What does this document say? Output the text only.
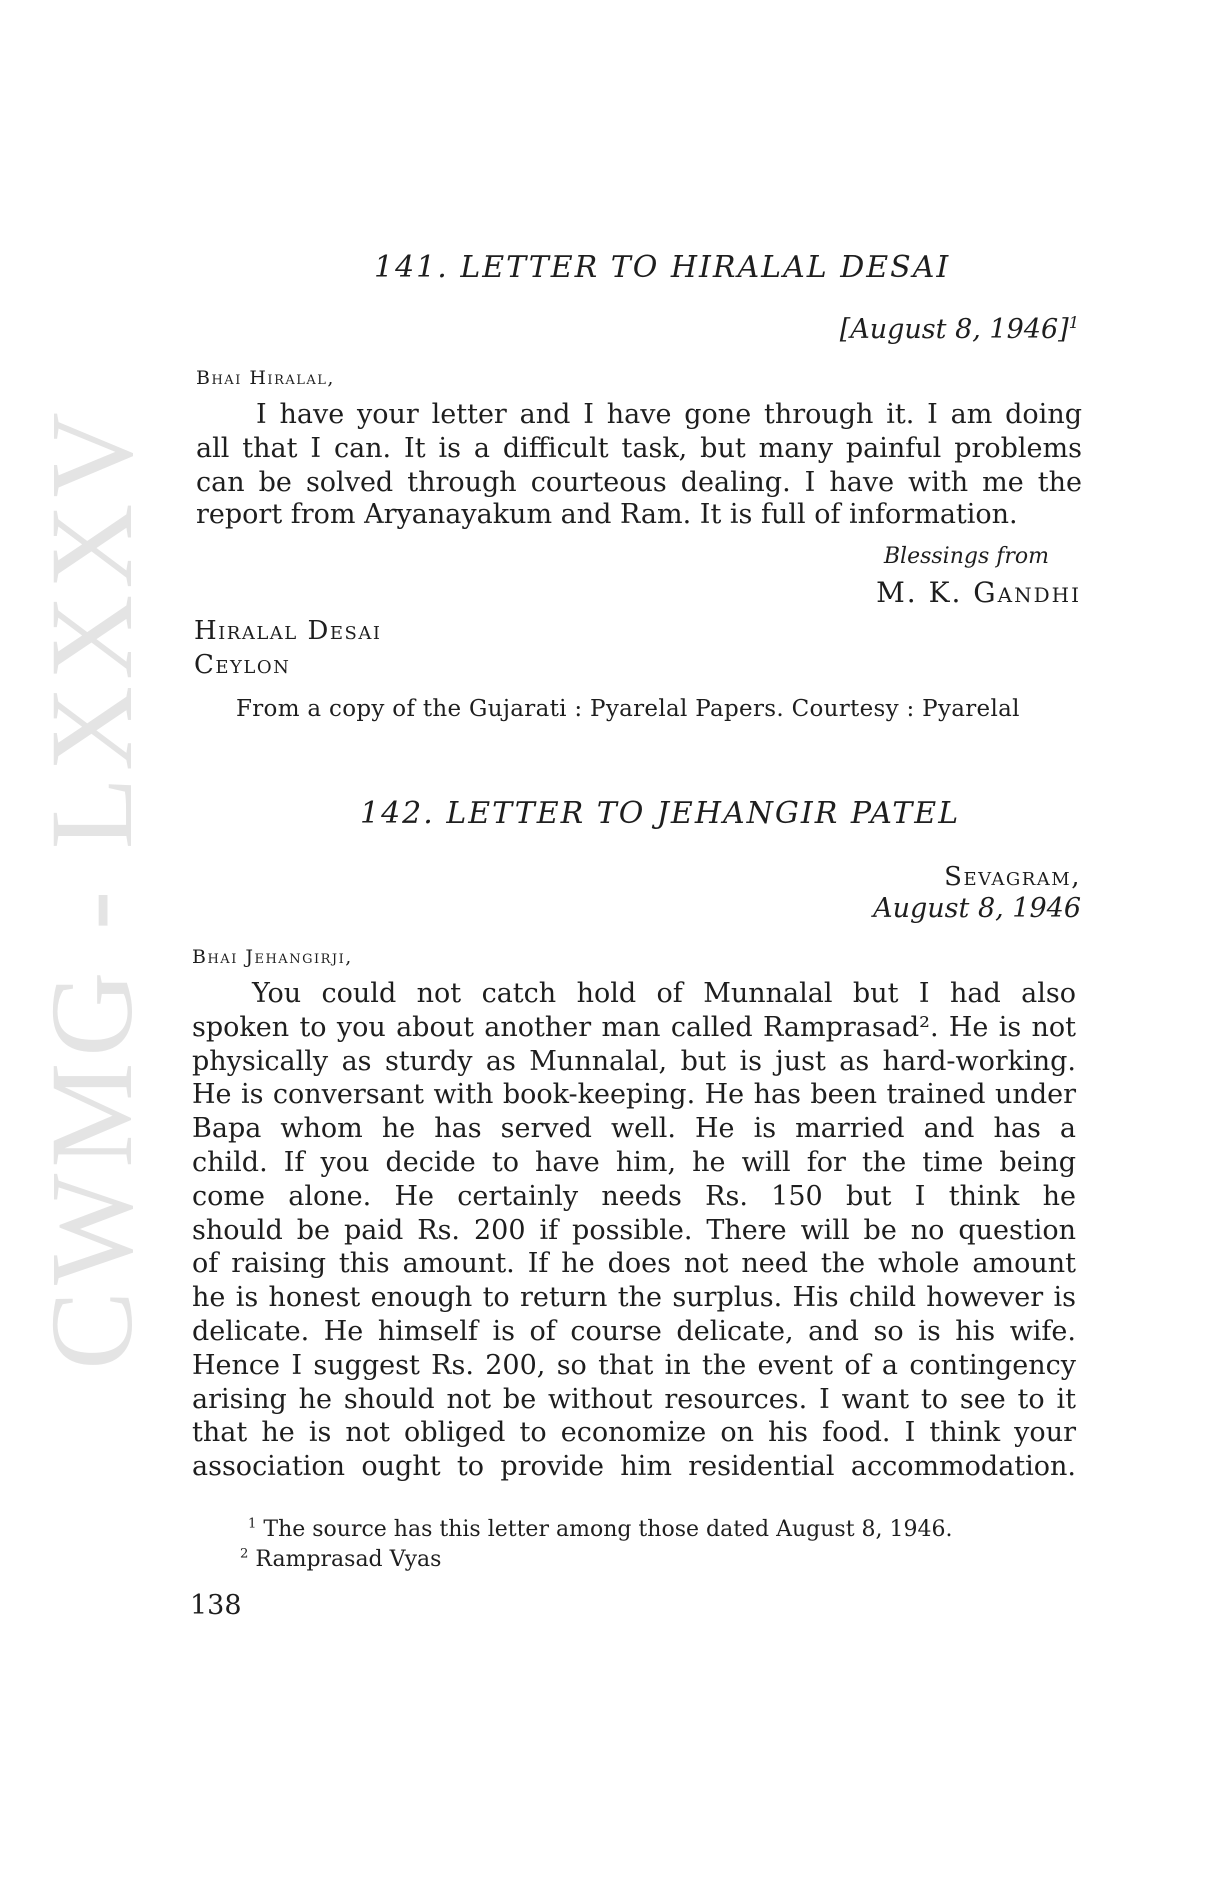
CWMG - LXXXV
141. LETTER TO HIRALAL DESAI
[August 8, 1946]$^1$
Bhai Hiralal,
I have your letter and I have gone through it. I am doing
all that I can. It is a difficult task, but many painful problems
can be solved through courteous dealing. I have with me the
report from Aryanayakum and Ram. It is full of information.
Blessings from
M. K. Gandhi
Hiralal Desai
Ceylon
From a copy of the Gujarati : Pyarelal Papers. Courtesy : Pyarelal
142. LETTER TO JEHANGIR PATEL
Sevagram,
August 8, 1946
Bhai Jehangirji,
You could not catch hold of Munnalal but I had also
spoken to you about another man called Ramprasad². He is not
physically as sturdy as Munnalal, but is just as hard-working.
He is conversant with book-keeping. He has been trained under
Bapa whom he has served well. He is married and has a
child. If you decide to have him, he will for the time being
come alone. He certainly needs Rs. 150 but I think he
should be paid Rs. 200 if possible. There will be no question
of raising this amount. If he does not need the whole amount
he is honest enough to return the surplus. His child however is
delicate. He himself is of course delicate, and so is his wife.
Hence I suggest Rs. 200, so that in the event of a contingency
arising he should not be without resources. I want to see to it
that he is not obliged to economize on his food. I think your
association ought to provide him residential accommodation.
$^1$ The source has this letter among those dated August 8, 1946.
$^2$ Ramprasad Vyas
138
